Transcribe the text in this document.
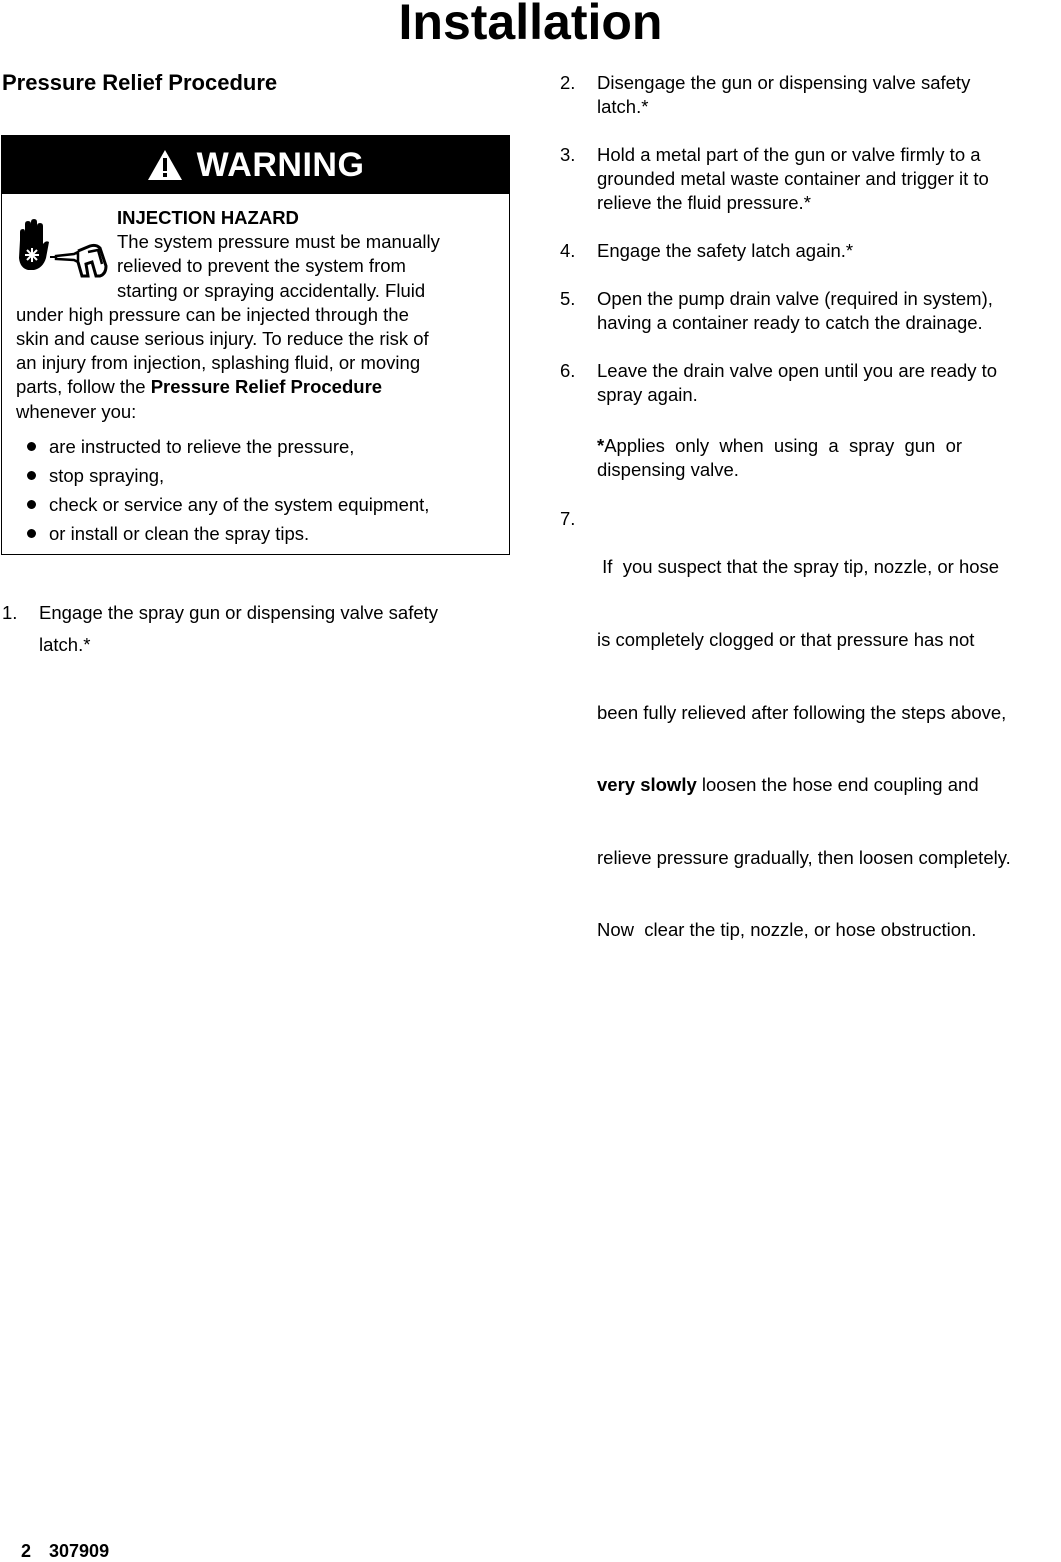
Installation
Pressure Relief Procedure
WARNING
INJECTION HAZARD
The system pressure must be manually
relieved to prevent the system from
starting or spraying accidentally. Fluid
under high pressure can be injected through the
skin and cause serious injury. To reduce the risk of
an injury from injection, splashing fluid, or moving
parts, follow the Pressure Relief Procedure
whenever you:
are instructed to relieve the pressure,
stop spraying,
check or service any of the system equipment,
or install or clean the spray tips.
1. Engage the spray gun or dispensing valve safety
latch.*
2. Disengage the gun or dispensing valve safety
latch.*
3. Hold a metal part of the gun or valve firmly to a
grounded metal waste container and trigger it to
relieve the fluid pressure.*
4. Engage the safety latch again.*
5. Open the pump drain valve (required in system),
having a container ready to catch the drainage.
6. Leave the drain valve open until you are ready to
spray again.
*Applies  only  when  using  a  spray  gun  or
dispensing valve.
7.

If  you suspect that the spray tip, nozzle, or hose

is completely clogged or that pressure has not

been fully relieved after following the steps above,

very slowly loosen the hose end coupling and

relieve pressure gradually, then loosen completely.

Now  clear the tip, nozzle, or hose obstruction.

2 307909
